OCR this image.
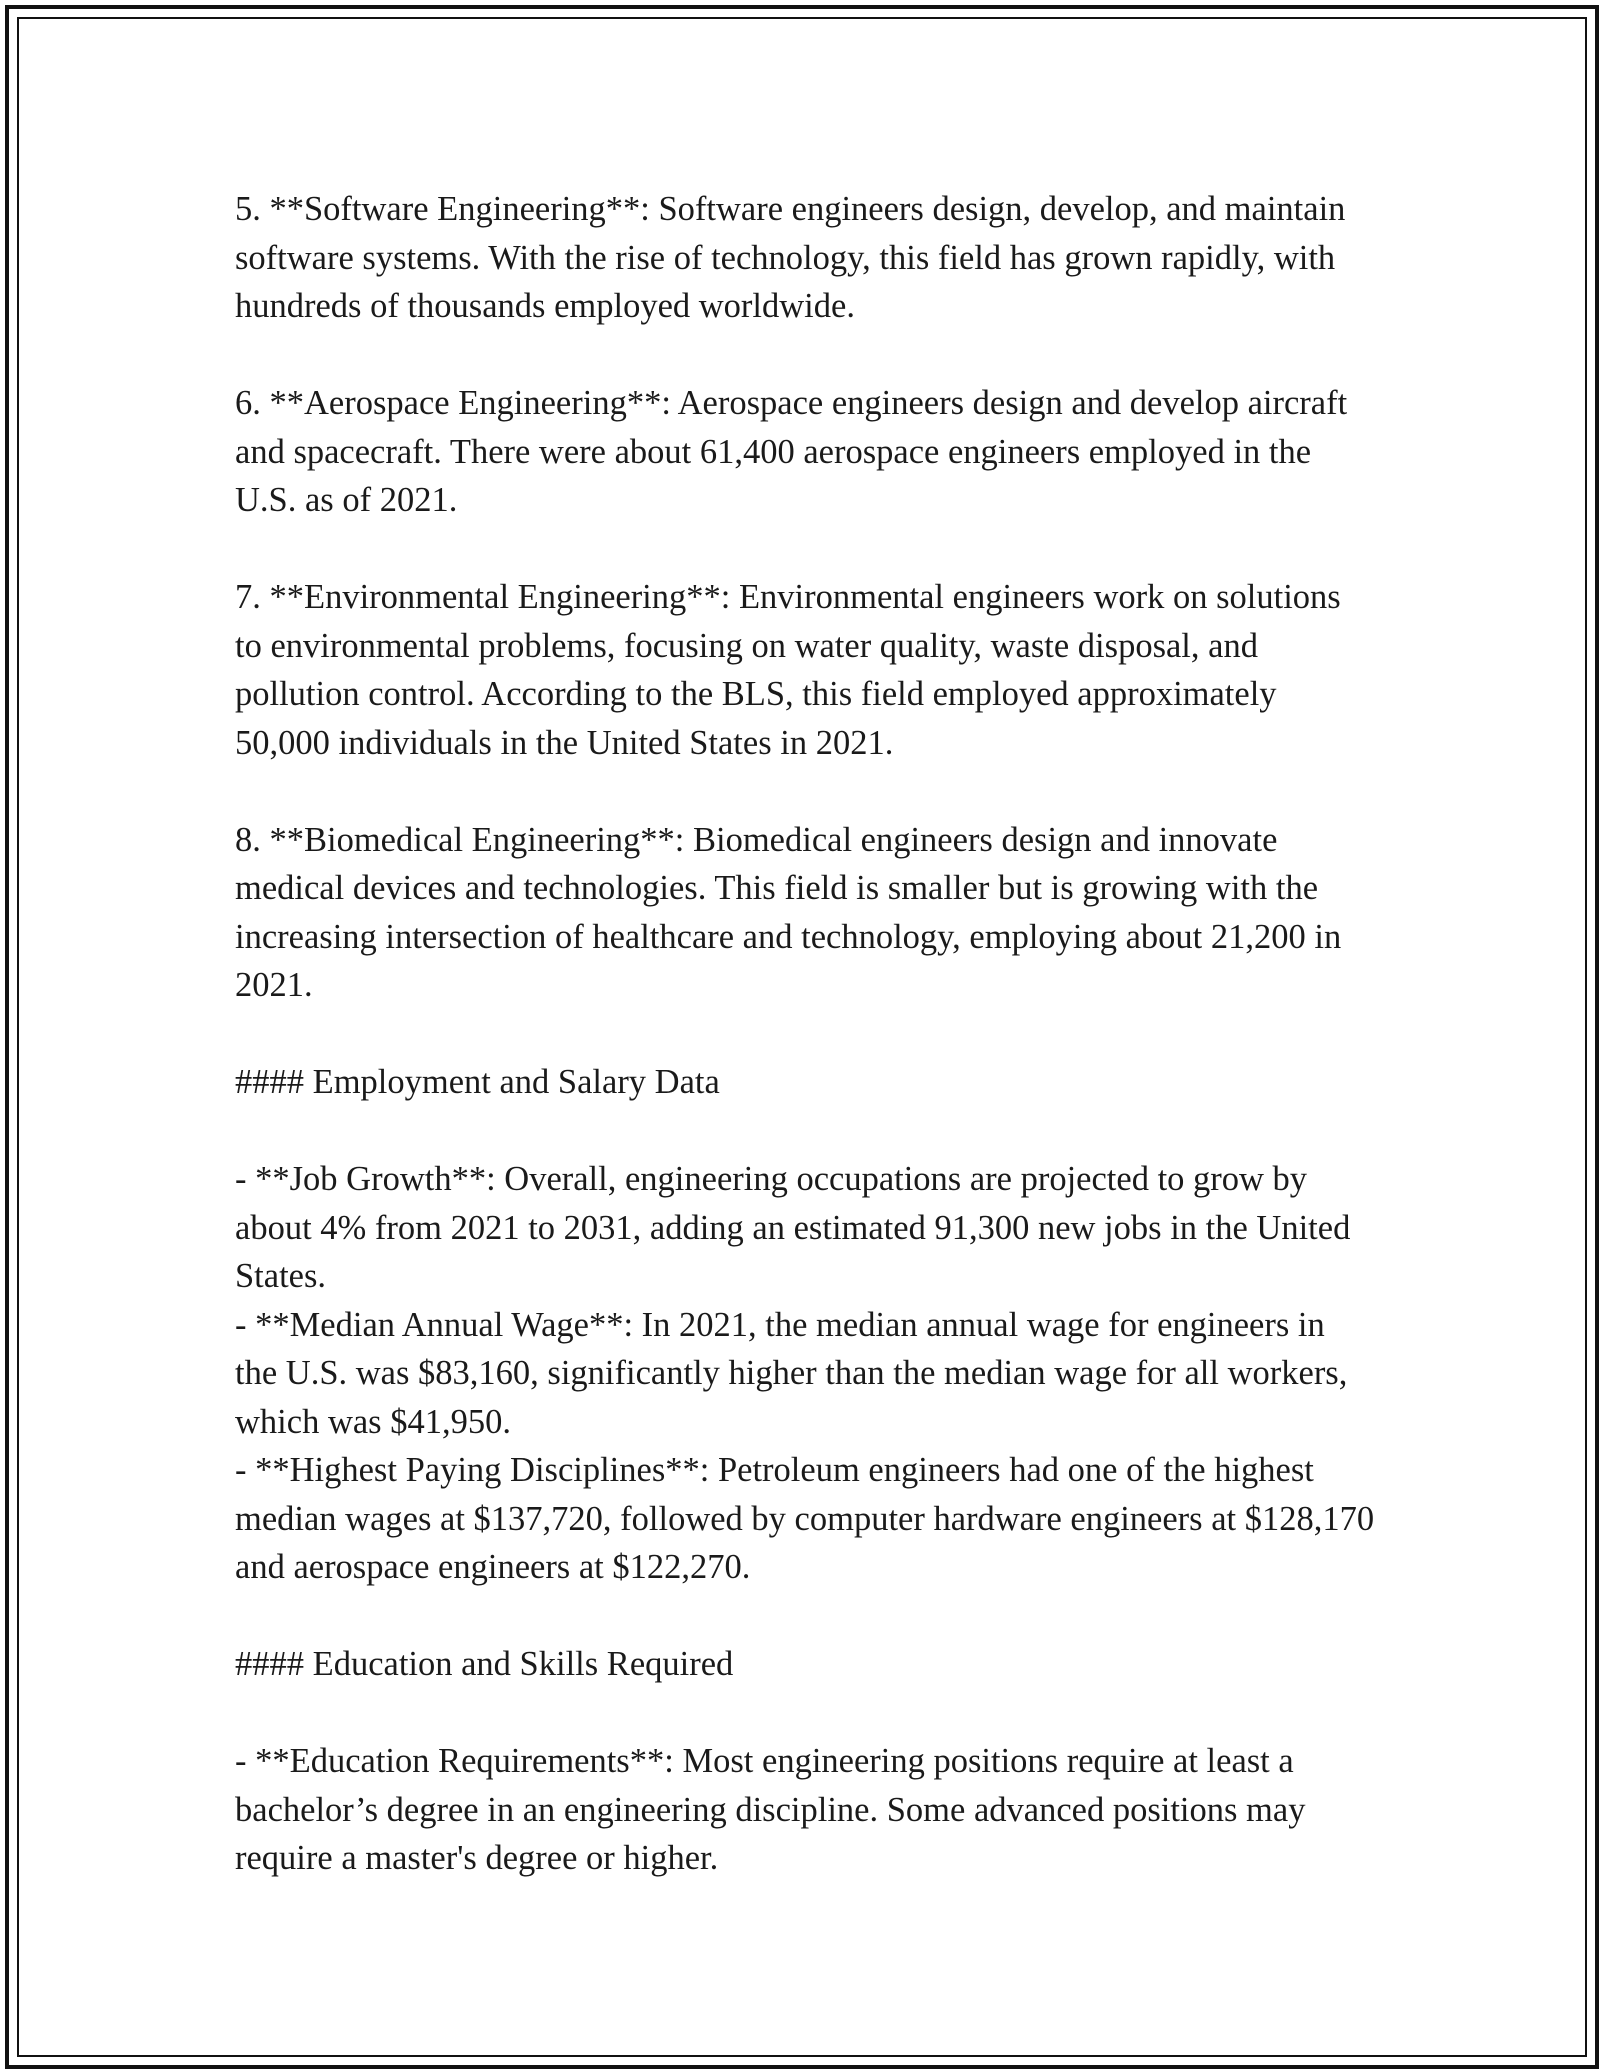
5. **Software Engineering**: Software engineers design, develop, and maintain software systems. With the rise of technology, this field has grown rapidly, with hundreds of thousands employed worldwide.

6. **Aerospace Engineering**: Aerospace engineers design and develop aircraft and spacecraft. There were about 61,400 aerospace engineers employed in the U.S. as of 2021.

7. **Environmental Engineering**: Environmental engineers work on solutions to environmental problems, focusing on water quality, waste disposal, and pollution control. According to the BLS, this field employed approximately 50,000 individuals in the United States in 2021.

8. **Biomedical Engineering**: Biomedical engineers design and innovate medical devices and technologies. This field is smaller but is growing with the increasing intersection of healthcare and technology, employing about 21,200 in 2021.

#### Employment and Salary Data

- **Job Growth**: Overall, engineering occupations are projected to grow by about 4% from 2021 to 2031, adding an estimated 91,300 new jobs in the United States.

- **Median Annual Wage**: In 2021, the median annual wage for engineers in the U.S. was $83,160, significantly higher than the median wage for all workers, which was $41,950.

- **Highest Paying Disciplines**: Petroleum engineers had one of the highest median wages at $137,720, followed by computer hardware engineers at $128,170 and aerospace engineers at $122,270.

#### Education and Skills Required

- **Education Requirements**: Most engineering positions require at least a bachelor’s degree in an engineering discipline. Some advanced positions may require a master's degree or higher.
